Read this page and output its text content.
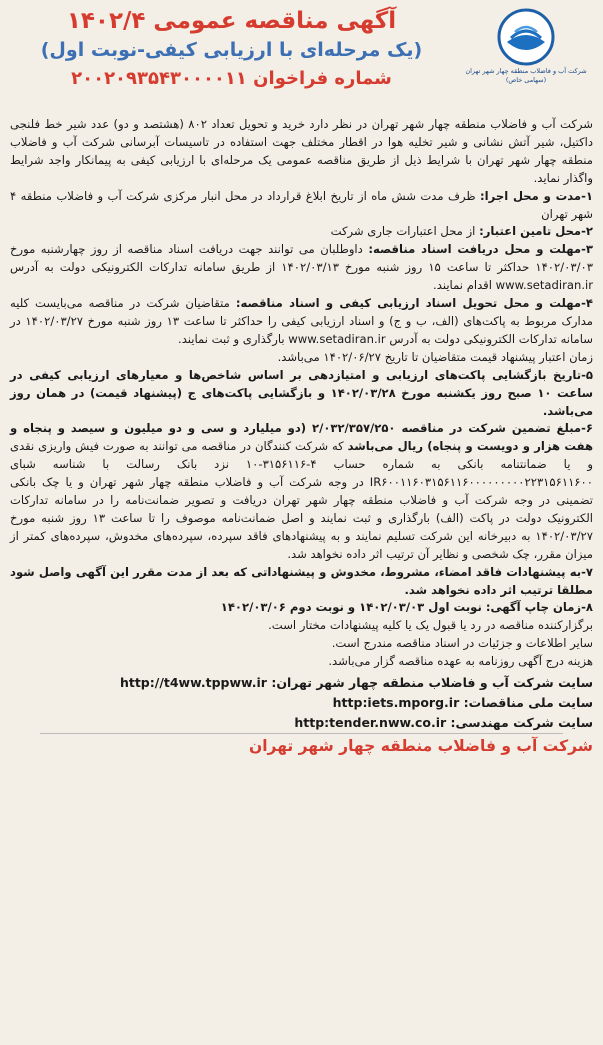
شرکت آب و فاضلاب منطقه چهار شهر تهران
(سهامی خاص)
آگهی مناقصه عمومی ۱۴۰۲/۴
(یک مرحله‌ای با ارزیابی کیفی-نوبت اول)
شماره فراخوان ۲۰۰۲۰۹۳۵۴۳۰۰۰۰۱۱

شرکت آب و فاضلاب منطقه چهار شهر تهران در نظر دارد خرید و تحویل تعداد ۸۰۲ (هشتصد و دو) عدد شیر خط فلنجی داکتیل، شیر آتش نشانی و شیر تخلیه هوا در اقطار مختلف جهت استفاده در تاسیسات آبرسانی شرکت آب و فاضلاب منطقه چهار شهر تهران با شرایط ذیل از طریق مناقصه عمومی یک مرحله‌ای با ارزیابی کیفی به پیمانکار واجد شرایط واگذار نماید.

۱-مدت و محل اجرا: ظرف مدت شش ماه از تاریخ ابلاغ قرارداد در محل انبار مرکزی شرکت آب و فاضلاب منطقه ۴ شهر تهران

۲-محل تامین اعتبار: از محل اعتبارات جاری شرکت

۳-مهلت و محل دریافت اسناد مناقصه: داوطلبان می توانند جهت دریافت اسناد مناقصه از روز چهارشنبه مورخ ۱۴۰۲/۰۳/۰۳ حداکثر تا ساعت ۱۵ روز شنبه مورخ ۱۴۰۲/۰۳/۱۳ از طریق سامانه تدارکات الکترونیکی دولت به آدرس www.setadiran.ir اقدام نمایند.

۴-مهلت و محل تحویل اسناد ارزیابی کیفی و اسناد مناقصه: متقاضیان شرکت در مناقصه می‌بایست کلیه مدارک مربوط به پاکت‌های (الف، ب و ج) و اسناد ارزیابی کیفی را حداکثر تا ساعت ۱۳ روز شنبه مورخ ۱۴۰۲/۰۳/۲۷ در سامانه تدارکات الکترونیکی دولت به آدرس www.setadiran.ir بارگذاری و ثبت نمایند.

زمان اعتبار پیشنهاد قیمت متقاضیان تا تاریخ ۱۴۰۲/۰۶/۲۷ می‌باشد.

۵-تاریخ بازگشایی پاکت‌های ارزیابی و امتیازدهی بر اساس شاخص‌ها و معیارهای ارزیابی کیفی در ساعت ۱۰ صبح روز یکشنبه مورخ ۱۴۰۲/۰۳/۲۸ و بازگشایی پاکت‌های ج (پیشنهاد قیمت) در همان روز می‌باشد.

۶-مبلغ تضمین شرکت در مناقصه ۲/۰۳۲/۳۵۷/۲۵۰ (دو میلیارد و سی و دو میلیون و سیصد و پنجاه و هفت هزار و دویست و پنجاه) ریال می‌باشد که شرکت کنندگان در مناقصه می توانند به صورت فیش واریزی نقدی و یا ضمانتنامه بانکی به شماره حساب ۴-۳۱۵۶۱۱۶-۱۰ نزد بانک رسالت با شناسه شبای IR۶۰۰۱۱۶۰۳۱۵۶۱۱۶۰۰۰۰۰۰۰۰۰۲۲۳۱۵۶۱۱۶۰۰ در وجه شرکت آب و فاضلاب منطقه چهار شهر تهران و یا چک بانکی تضمینی در وجه شرکت آب و فاضلاب منطقه چهار شهر تهران دریافت و تصویر ضمانت‌نامه را در سامانه تدارکات الکترونیک دولت در پاکت (الف) بارگذاری و ثبت نمایند و اصل ضمانت‌نامه موصوف را تا ساعت ۱۳ روز شنبه مورخ ۱۴۰۲/۰۳/۲۷ به دبیرخانه این شرکت تسلیم نمایند و به پیشنهادهای فاقد سپرده، سپرده‌های مخدوش، سپرده‌های کمتر از میزان مقرر، چک شخصی و نظایر آن ترتیب اثر داده نخواهد شد.

۷-به پیشنهادات فاقد امضاء، مشروط، مخدوش و پیشنهاداتی که بعد از مدت مقرر این آگهی واصل شود مطلقا ترتیب اثر داده نخواهد شد.

۸-زمان چاپ آگهی: نوبت اول ۱۴۰۲/۰۳/۰۳ و نوبت دوم ۱۴۰۲/۰۳/۰۶

برگزارکننده مناقصه در رد یا قبول یک یا کلیه پیشنهادات مختار است.

سایر اطلاعات و جزئیات در اسناد مناقصه مندرج است.

هزینه درج آگهی روزنامه به عهده مناقصه گزار می‌باشد.

سایت شرکت آب و فاضلاب منطقه چهار شهر تهران: http://t4ww.tppww.ir
سایت ملی مناقصات: http:iets.mporg.ir
سایت شرکت مهندسی: http:tender.nww.co.ir
شرکت آب و فاضلاب منطقه چهار شهر تهران
